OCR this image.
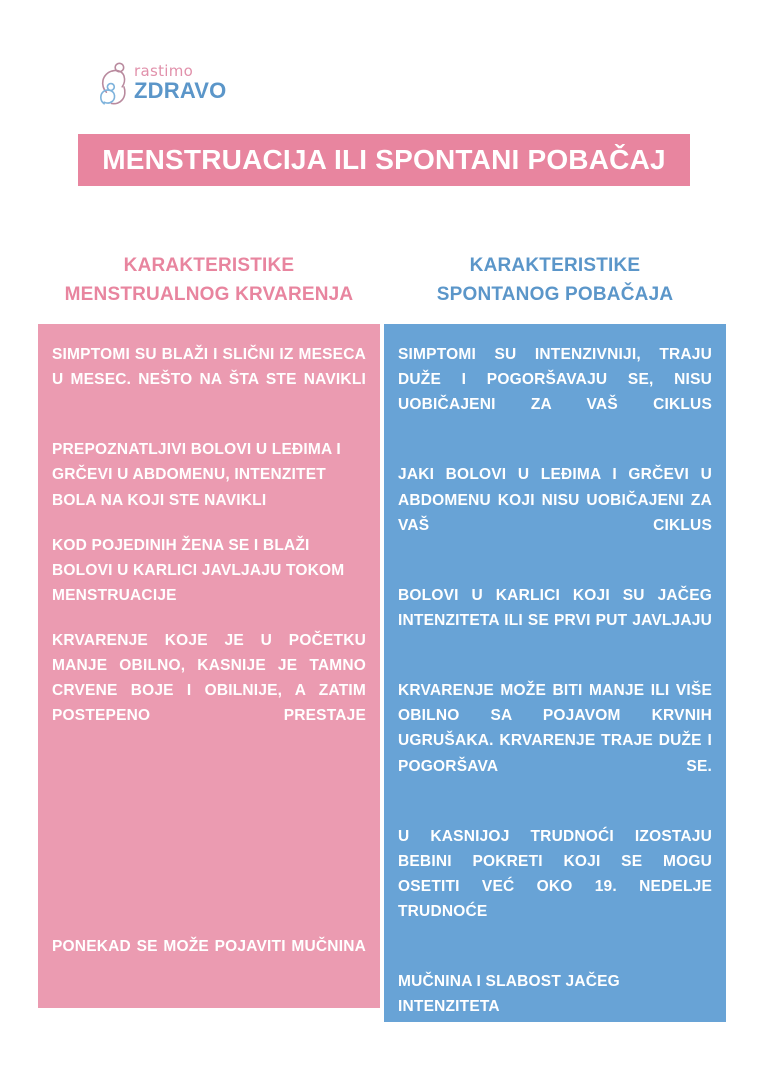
rastimo
ZDRAVO
MENSTRUACIJA ILI SPONTANI POBAČAJ
KARAKTERISTIKE
MENSTRUALNOG KRVARENJA
KARAKTERISTIKE
SPONTANOG POBAČAJA

SIMPTOMI SU BLAŽI I SLIČNI IZ MESECA U MESEC. NEŠTO NA ŠTA STE NAVIKLI

PREPOZNATLJIVI BOLOVI U LEĐIMA I GRČEVI U ABDOMENU, INTENZITET BOLA NA KOJI STE NAVIKLI

KOD POJEDINIH ŽENA SE I BLAŽI BOLOVI U KARLICI JAVLJAJU TOKOM MENSTRUACIJE

KRVARENJE KOJE JE U POČETKU MANJE OBILNO, KASNIJE JE TAMNO CRVENE BOJE I OBILNIJE, A ZATIM POSTEPENO PRESTAJE

PONEKAD SE MOŽE POJAVITI MUČNINA

SIMPTOMI SU INTENZIVNIJI, TRAJU DUŽE I POGORŠAVAJU SE, NISU UOBIČAJENI ZA VAŠ CIKLUS

JAKI BOLOVI U LEĐIMA I GRČEVI U ABDOMENU KOJI NISU UOBIČAJENI ZA VAŠ CIKLUS

BOLOVI U KARLICI KOJI SU JAČEG INTENZITETA ILI SE PRVI PUT JAVLJAJU

KRVARENJE MOŽE BITI MANJE ILI VIŠE OBILNO SA POJAVOM KRVNIH UGRUŠAKA. KRVARENJE TRAJE DUŽE I POGORŠAVA SE.

U KASNIJOJ TRUDNOĆI IZOSTAJU BEBINI POKRETI KOJI SE MOGU OSETITI VEĆ OKO 19. NEDELJE TRUDNOĆE

MUČNINA I SLABOST JAČEG INTENZITETA
